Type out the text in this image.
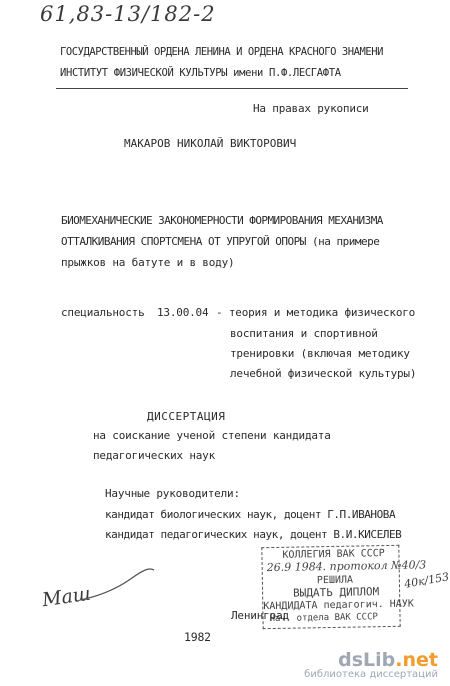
61,83-13/182-2
ГОСУДАРСТВЕННЫЙ ОРДЕНА ЛЕНИНА И ОРДЕНА КРАСНОГО ЗНАМЕНИ
ИНСТИТУТ ФИЗИЧЕСКОЙ КУЛЬТУРЫ имени П.Ф.ЛЕСГАФТА
На правах рукописи
МАКАРОВ НИКОЛАЙ ВИКТОРОВИЧ
БИОМЕХАНИЧЕСКИЕ ЗАКОНОМЕРНОСТИ ФОРМИРОВАНИЯ МЕХАНИЗМА
ОТТАЛКИВАНИЯ СПОРТСМЕНА ОТ УПРУГОЙ ОПОРЫ (на примере
прыжков на батуте и в воду)
специальность 13.00.04 - теория и методика физического
воспитания и спортивной
тренировки (включая методику
лечебной физической культуры)
ДИССЕРТАЦИЯ
на соискание ученой степени кандидата
педагогических наук
Научные руководители:
кандидат биологических наук, доцент Г.П.ИВАНОВА
кандидат педагогических наук, доцент В.И.КИСЕЛЕВ
КОЛЛЕГИЯ ВАК СССР
26.9 1984. протокол №40/3
РЕШИЛА
ВЫДАТЬ ДИПЛОМ
КАНДИДАТА педагогич. НАУК
Нач. отдела ВАК СССР
40к/153
Маш
Ленинград
1982
dsLib.net
библиотека диссертаций
